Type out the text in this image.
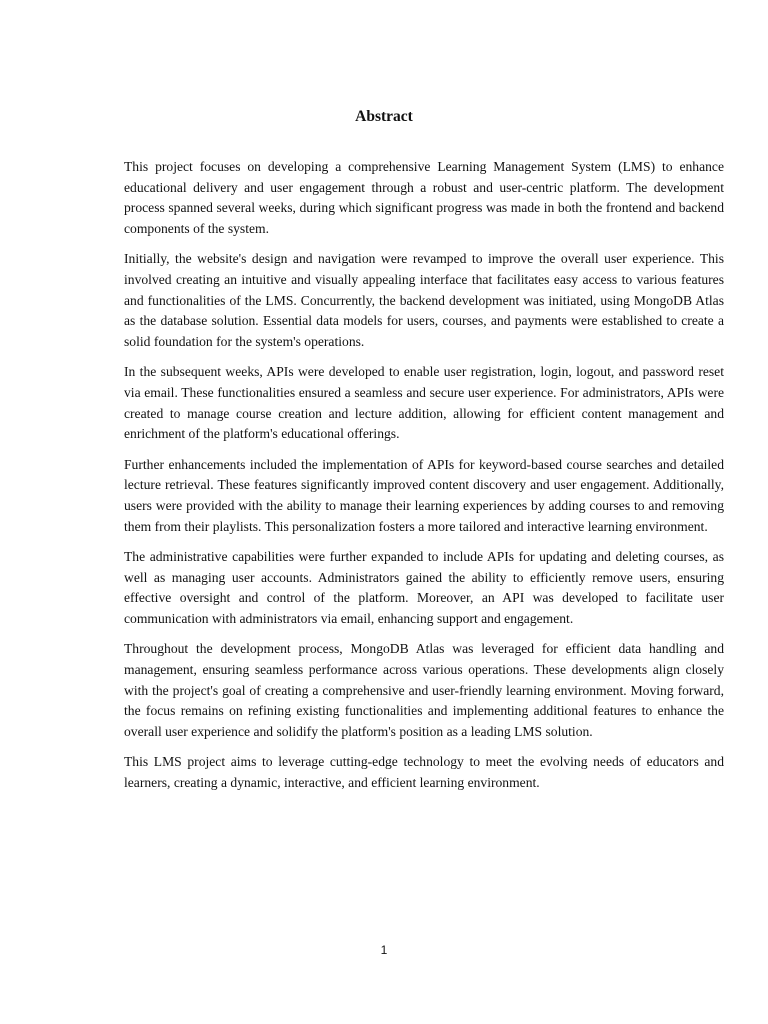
Abstract

This project focuses on developing a comprehensive Learning Management System (LMS) to enhance educational delivery and user engagement through a robust and user-centric platform. The development process spanned several weeks, during which significant progress was made in both the frontend and backend components of the system.

Initially, the website's design and navigation were revamped to improve the overall user experience. This involved creating an intuitive and visually appealing interface that facilitates easy access to various features and functionalities of the LMS. Concurrently, the backend development was initiated, using MongoDB Atlas as the database solution. Essential data models for users, courses, and payments were established to create a solid foundation for the system's operations.

In the subsequent weeks, APIs were developed to enable user registration, login, logout, and password reset via email. These functionalities ensured a seamless and secure user experience. For administrators, APIs were created to manage course creation and lecture addition, allowing for efficient content management and enrichment of the platform's educational offerings.

Further enhancements included the implementation of APIs for keyword-based course searches and detailed lecture retrieval. These features significantly improved content discovery and user engagement. Additionally, users were provided with the ability to manage their learning experiences by adding courses to and removing them from their playlists. This personalization fosters a more tailored and interactive learning environment.

The administrative capabilities were further expanded to include APIs for updating and deleting courses, as well as managing user accounts. Administrators gained the ability to efficiently remove users, ensuring effective oversight and control of the platform. Moreover, an API was developed to facilitate user communication with administrators via email, enhancing support and engagement.

Throughout the development process, MongoDB Atlas was leveraged for efficient data handling and management, ensuring seamless performance across various operations. These developments align closely with the project's goal of creating a comprehensive and user-friendly learning environment. Moving forward, the focus remains on refining existing functionalities and implementing additional features to enhance the overall user experience and solidify the platform's position as a leading LMS solution.

This LMS project aims to leverage cutting-edge technology to meet the evolving needs of educators and learners, creating a dynamic, interactive, and efficient learning environment.

1
